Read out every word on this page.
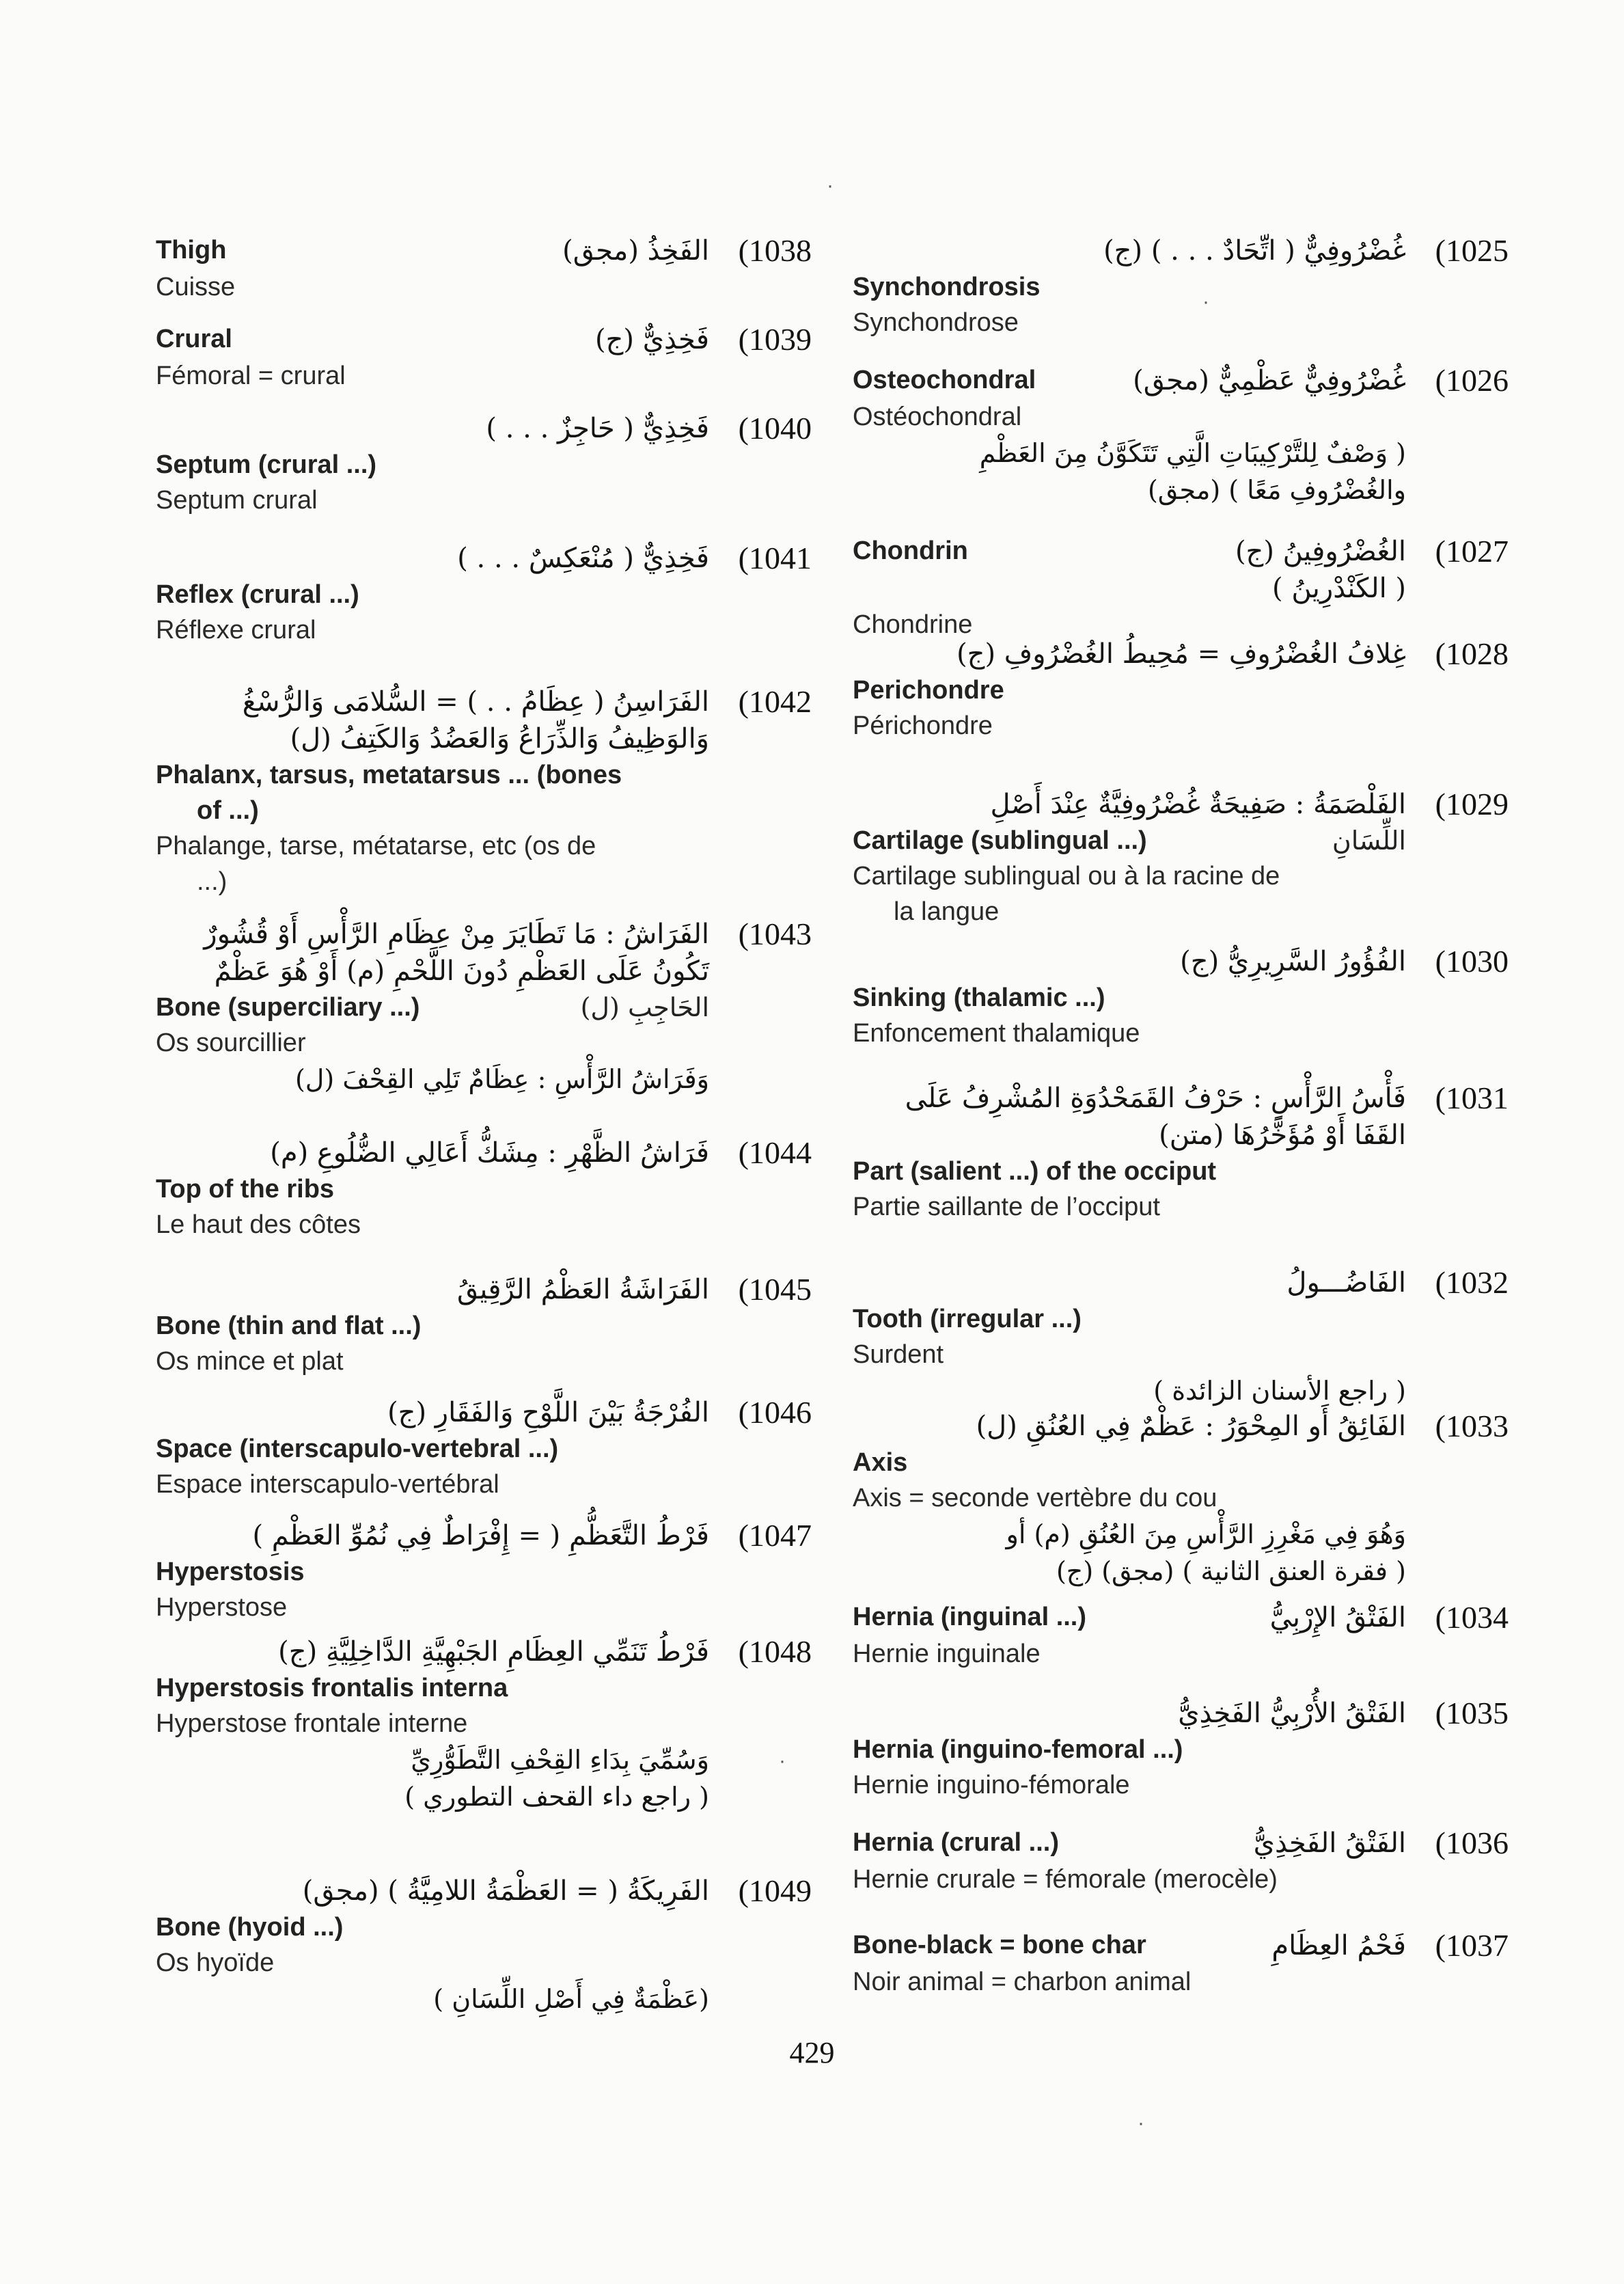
(1025
غُضْرُوفِيٌّ ( اتِّحَادٌ . . . ) (ج)
Synchondrosis
Synchondrose
(1026
غُضْرُوفِيٌّ عَظْمِيٌّ (مجق)
Osteochondral
Ostéochondral
( وَصْفٌ لِلتَّرْكِيبَاتِ الَّتِي تَتَكَوَّنُ مِنَ العَظْمِ
والغُضْرُوفِ مَعًا ) (مجق)
(1027
الغُضْرُوفِينُ (ج)
( الكَنْدْرِينُ )
Chondrin
Chondrine
(1028
غِلافُ الغُضْرُوفِ = مُحِيطُ الغُضْرُوفِ (ج)
Perichondre
Périchondre
(1029
الفَلْصَمَةُ : صَفِيحَةٌ غُضْرُوفِيَّةٌ عِنْدَ أَصْلِ
Cartilage (sublingual ...)	اللِّسَانِ
Cartilage sublingual ou à la racine de
la langue
(1030
الفُؤُورُ السَّرِيرِيُّ (ج)
Sinking (thalamic ...)
Enfoncement thalamique
(1031
فَأْسُ الرَّأْسِ : حَرْفُ القَمَحْدُوَةِ المُشْرِفُ عَلَى
القَفَا أَوْ مُؤَخَّرُهَا (متن)
Part (salient ...) of the occiput
Partie saillante de l’occiput
(1032
الفَاضُـــولُ
Tooth (irregular ...)
Surdent
( راجع الأسنان الزائدة )
(1033
الفَائِقُ أَو المِحْوَرُ : عَظْمٌ فِي العُنُقِ (ل)
Axis
Axis = seconde vertèbre du cou
وَهُوَ فِي مَغْرِزِ الرَّأْسِ مِنَ العُنُقِ (م) أو
( فقرة العنق الثانية ) (مجق) (ج)
(1034
الفَتْقُ الإِرْبِيُّ
Hernia (inguinal ...)
Hernie inguinale
(1035
الفَتْقُ الأُرْبِيُّ الفَخِذِيُّ
Hernia (inguino-femoral ...)
Hernie inguino-fémorale
(1036
الفَتْقُ الفَخِذِيُّ
Hernia (crural ...)
Hernie crurale = fémorale (merocèle)
(1037
فَحْمُ العِظَامِ
Bone-black = bone char
Noir animal = charbon animal
(1038
الفَخِذُ (مجق)
Thigh
Cuisse
(1039
فَخِذِيٌّ (ج)
Crural
Fémoral = crural
(1040
فَخِذِيٌّ ( حَاجِزٌ . . . )
Septum (crural ...)
Septum crural
(1041
فَخِذِيٌّ ( مُنْعَكِسٌ . . . )
Reflex (crural ...)
Réflexe crural
(1042
الفَرَاسِنُ ( عِظَامُ . . ) = السُّلامَى وَالرُّسْغُ
وَالوَظِيفُ وَالذِّرَاعُ وَالعَضُدُ وَالكَتِفُ (ل)
Phalanx, tarsus, metatarsus ... (bones
of ...)
Phalange, tarse, métatarse, etc (os de
...)
(1043
الفَرَاشُ : مَا تَطَايَرَ مِنْ عِظَامِ الرَّأْسِ أَوْ قُشُورٌ
تَكُونُ عَلَى العَظْمِ دُونَ اللَّحْمِ (م) أَوْ هُوَ عَظْمٌ
Bone (superciliary ...)	الحَاجِبِ (ل)
Os sourcillier
وَفَرَاشُ الرَّأْسِ : عِظَامٌ تَلِي القِحْفَ (ل)
(1044
فَرَاشُ الظَّهْرِ : مِشَكُّ أَعَالِي الضُّلُوعِ (م)
Top of the ribs
Le haut des côtes
(1045
الفَرَاشَةُ العَظْمُ الرَّقِيقُ
Bone (thin and flat ...)
Os mince et plat
(1046
الفُرْجَةُ بَيْنَ اللَّوْحِ وَالفَقَارِ (ج)
Space (interscapulo-vertebral ...)
Espace interscapulo-vertébral
(1047
فَرْطُ التَّعَظُّمِ ( = إِفْرَاطٌ فِي نُمُوِّ العَظْمِ )
Hyperstosis
Hyperstose
(1048
فَرْطُ تَنَمِّي العِظَامِ الجَبْهِيَّةِ الدَّاخِلِيَّةِ (ج)
Hyperstosis frontalis interna
Hyperstose frontale interne
وَسُمِّيَ بِدَاءِ القِحْفِ التَّطَوُّرِيِّ
( راجع داء القحف التطوري )
(1049
الفَرِيكَةُ ( = العَظْمَةُ اللامِيَّةُ ) (مجق)
Bone (hyoid ...)
Os hyoïde
(عَظْمَةٌ فِي أَصْلِ اللِّسَانِ )
429
·
·
·
·
